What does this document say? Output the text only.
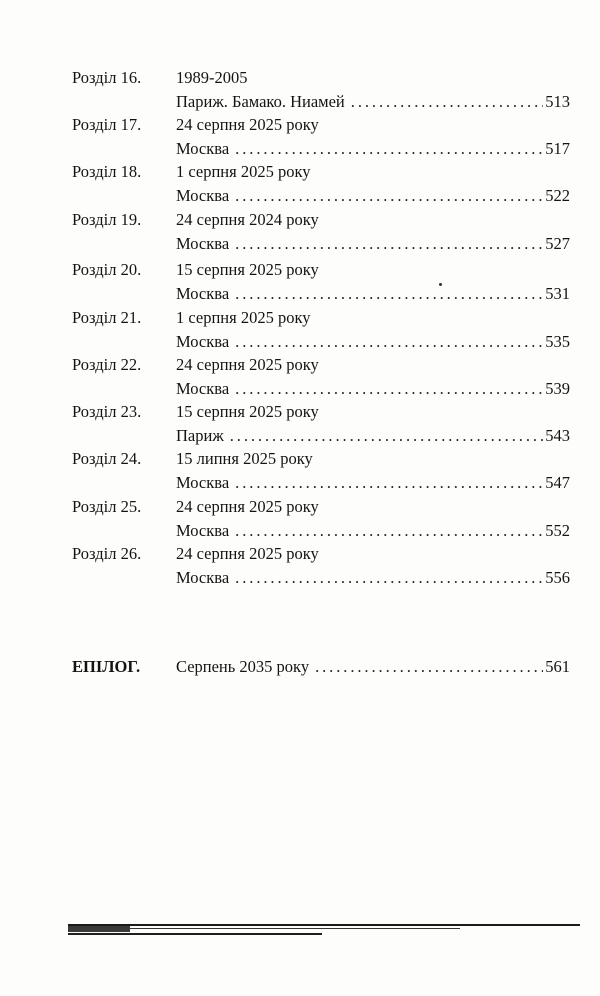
Розділ 16. 1989-2005
Париж. Бамако. Ниамей . . .	513
Розділ 17. 24 серпня 2025 року
Москва . . .	517
Розділ 18. 1 серпня 2025 року
Москва . . .	522
Розділ 19. 24 серпня 2024 року
Москва . . .	527
Розділ 20. 15 серпня 2025 року
Москва . . .	531
Розділ 21. 1 серпня 2025 року
Москва . . .	535
Розділ 22. 24 серпня 2025 року
Москва . . .	539
Розділ 23. 15 серпня 2025 року
Париж . . .	543
Розділ 24. 15 липня 2025 року
Москва . . .	547
Розділ 25. 24 серпня 2025 року
Москва . . .	552
Розділ 26. 24 серпня 2025 року
Москва . . .	556
ЕПІЛОГ. Серпень 2035 року . . .	561
